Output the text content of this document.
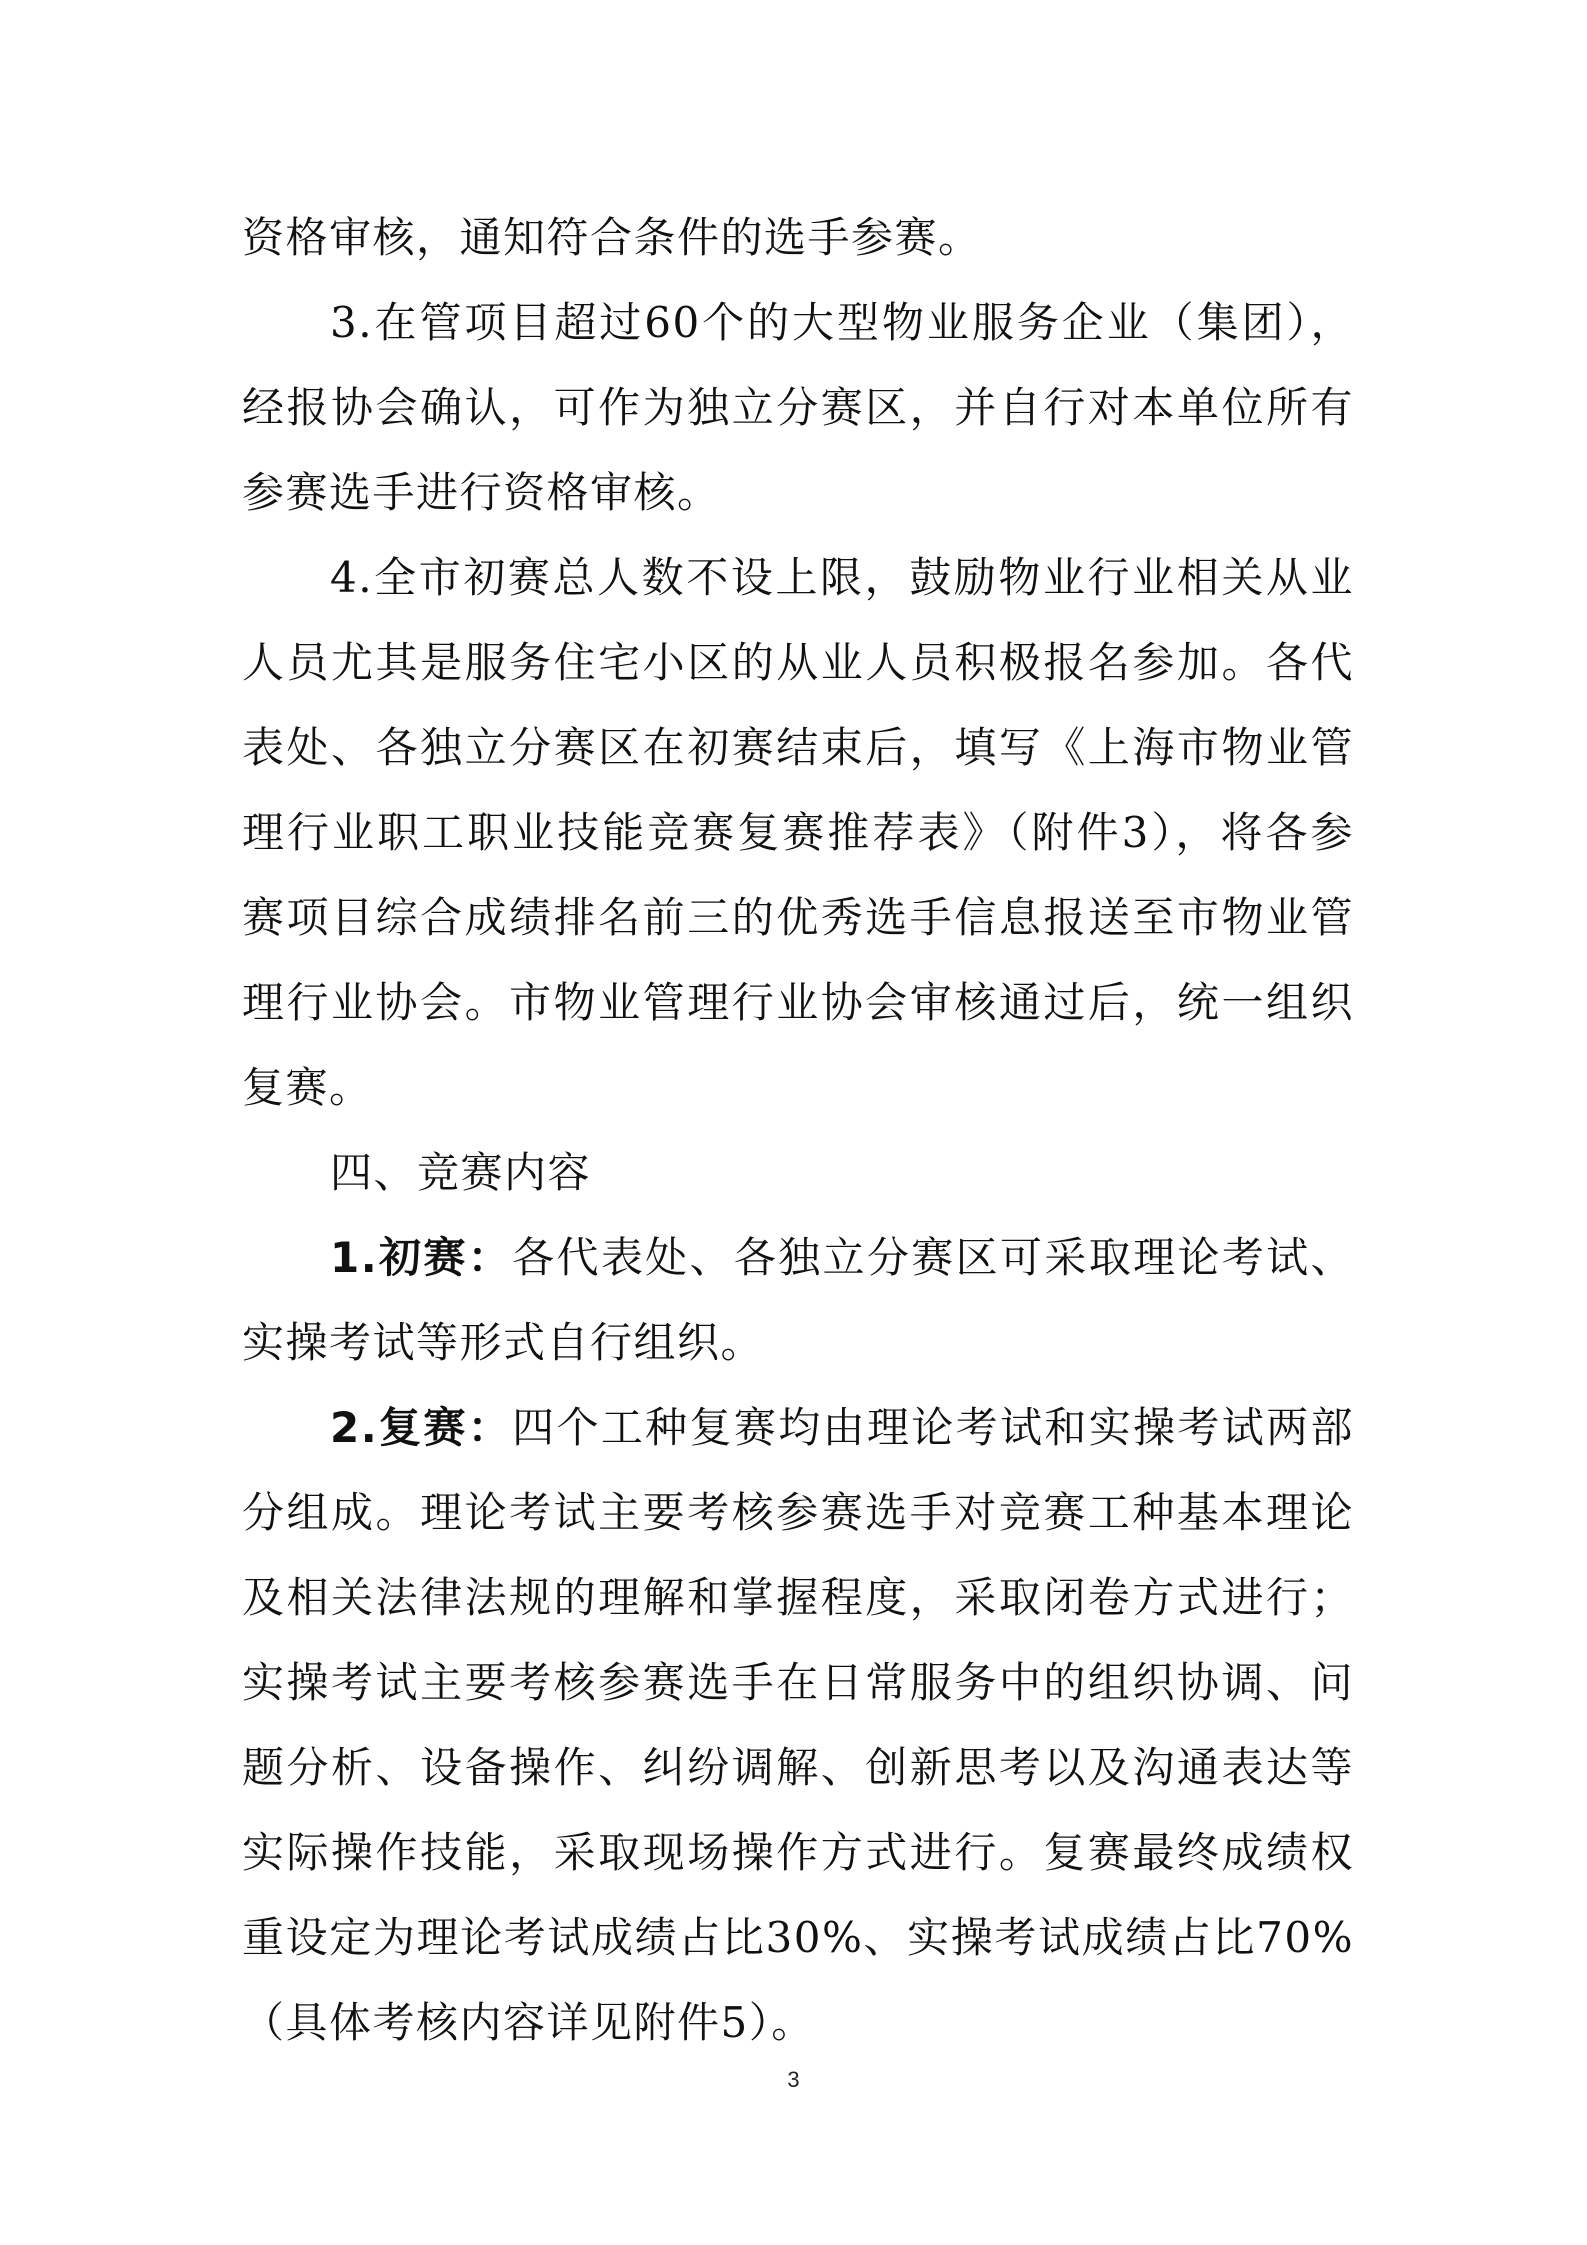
资格审核，通知符合条件的选手参赛。

3.在管项目超过60个的大型物业服务企业（集团），经报协会确认，可作为独立分赛区，并自行对本单位所有参赛选手进行资格审核。

4.全市初赛总人数不设上限，鼓励物业行业相关从业人员尤其是服务住宅小区的从业人员积极报名参加。各代表处、各独立分赛区在初赛结束后，填写《上海市物业管理行业职工职业技能竞赛复赛推荐表》（附件3），将各参赛项目综合成绩排名前三的优秀选手信息报送至市物业管理行业协会。市物业管理行业协会审核通过后，统一组织复赛。

四、竞赛内容

1.初赛：各代表处、各独立分赛区可采取理论考试、实操考试等形式自行组织。

2.复赛：四个工种复赛均由理论考试和实操考试两部分组成。理论考试主要考核参赛选手对竞赛工种基本理论及相关法律法规的理解和掌握程度，采取闭卷方式进行；实操考试主要考核参赛选手在日常服务中的组织协调、问题分析、设备操作、纠纷调解、创新思考以及沟通表达等实际操作技能，采取现场操作方式进行。复赛最终成绩权重设定为理论考试成绩占比30%、实操考试成绩占比70%（具体考核内容详见附件5）。

3
